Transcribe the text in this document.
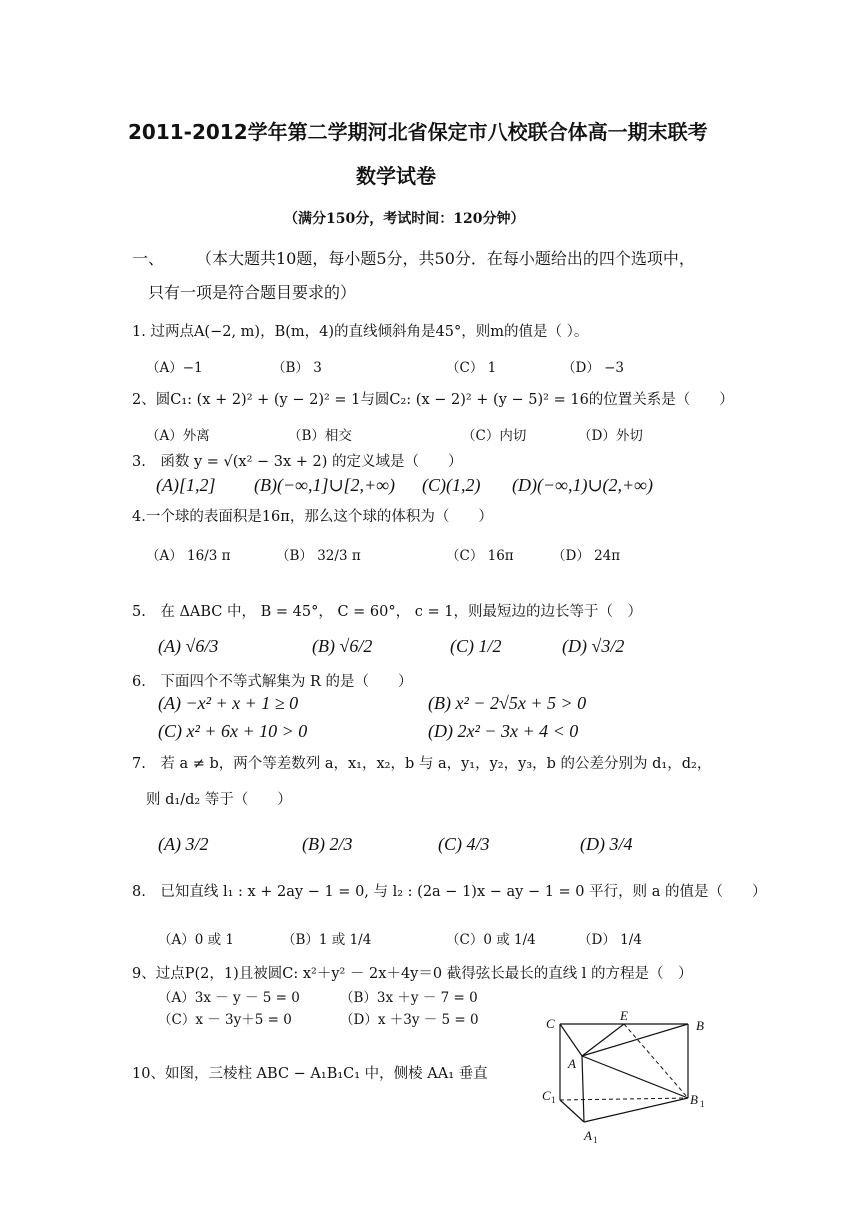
2011-2012学年第二学期河北省保定市八校联合体高一期末联考
数学试卷
（满分150分，考试时间：120分钟）
一、 （本大题共10题，每小题5分，共50分．在每小题给出的四个选项中，
只有一项是符合题目要求的）
1. 过两点A(−2, m)，B(m，4)的直线倾斜角是45°，则m的值是（ ）。
（A）−1	（B） 3	（C） 1	（D） −3
2、圆C₁: (x + 2)² + (y − 2)² = 1与圆C₂: (x − 2)² + (y − 5)² = 16的位置关系是（　　）
（A）外离	（B）相交	（C）内切	（D）外切
3.　函数 y = √(x² − 3x + 2) 的定义域是（　　）
(A)[1,2] (B)(−∞,1]∪[2,+∞) (C)(1,2) (D)(−∞,1)∪(2,+∞)
4.一个球的表面积是16π，那么这个球的体积为（　　）
（A） 16/3 π	（B） 32/3 π	（C） 16π	（D） 24π
5.　在 ΔABC 中， B = 45°， C = 60°， c = 1，则最短边的边长等于（　）
(A) √6/3	(B) √6/2	(C) 1/2	(D) √3/2
6.　下面四个不等式解集为 R 的是（　　）
(A) −x² + x + 1 ≥ 0	(B) x² − 2√5x + 5 > 0
(C) x² + 6x + 10 > 0	(D) 2x² − 3x + 4 < 0
7.　若 a ≠ b，两个等差数列 a，x₁，x₂，b 与 a，y₁，y₂，y₃，b 的公差分别为 d₁，d₂，
则 d₁/d₂ 等于（　　）
(A) 3/2	(B) 2/3	(C) 4/3	(D) 3/4
8.　已知直线 l₁ : x + 2ay − 1 = 0, 与 l₂ : (2a − 1)x − ay − 1 = 0 平行，则 a 的值是（　　）
（A）0 或 1	（B）1 或 1/4	（C）0 或 1/4	（D） 1/4
9、过点P(2，1)且被圆C: x²＋y² － 2x＋4y＝0 截得弦长最长的直线 l 的方程是（　）
（A）3x － y － 5 = 0	（B）3x ＋y － 7 = 0
（C）x － 3y＋5 = 0	（D）x ＋3y － 5 = 0
10、如图，三棱柱 ABC − A₁B₁C₁ 中，侧棱 AA₁ 垂直
C
E
B
A
C 1	B 1
A 1
